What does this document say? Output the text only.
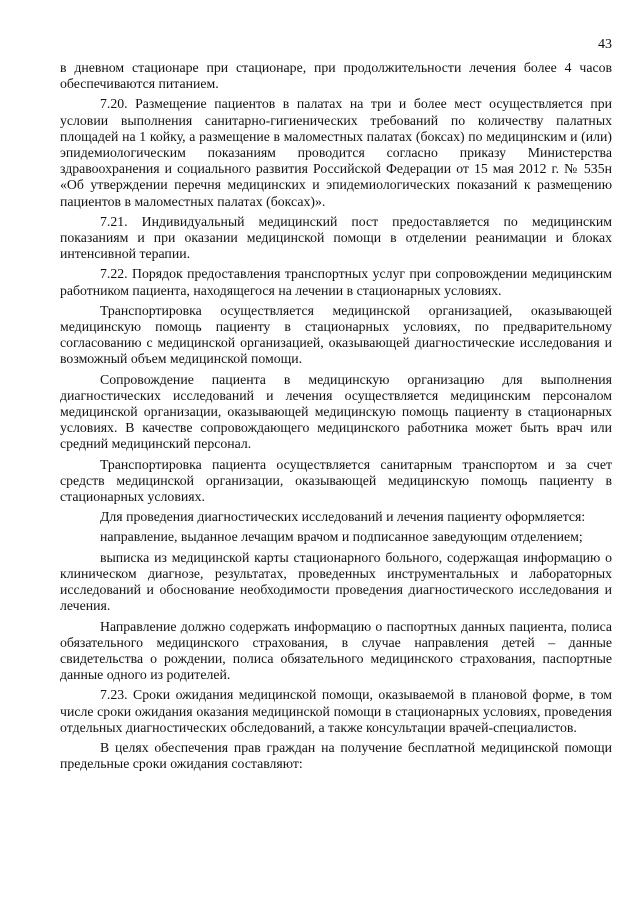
43

в дневном стационаре при стационаре, при продолжительности лечения более 4 часов обеспечиваются питанием.

7.20. Размещение пациентов в палатах на три и более мест осуществляется при условии выполнения санитарно-гигиенических требований по количеству палатных площадей на 1 койку, а размещение в маломестных палатах (боксах) по медицинским и (или) эпидемиологическим показаниям проводится согласно приказу Министерства здравоохранения и социального развития Российской Федерации от 15 мая 2012 г. № 535н «Об утверждении перечня медицинских и эпидемиологических показаний к размещению пациентов в маломестных палатах (боксах)».

7.21. Индивидуальный медицинский пост предоставляется по медицинским показаниям и при оказании медицинской помощи в отделении реанимации и блоках интенсивной терапии.

7.22. Порядок предоставления транспортных услуг при сопровождении медицинским работником пациента, находящегося на лечении в стационарных условиях.

Транспортировка осуществляется медицинской организацией, оказывающей медицинскую помощь пациенту в стационарных условиях, по предварительному согласованию с медицинской организацией, оказывающей диагностические исследования и возможный объем медицинской помощи.

Сопровождение пациента в медицинскую организацию для выполнения диагностических исследований и лечения осуществляется медицинским персоналом медицинской организации, оказывающей медицинскую помощь пациенту в стационарных условиях. В качестве сопровождающего медицинского работника может быть врач или средний медицинский персонал.

Транспортировка пациента осуществляется санитарным транспортом и за счет средств медицинской организации, оказывающей медицинскую помощь пациенту в стационарных условиях.

Для проведения диагностических исследований и лечения пациенту оформляется:

направление, выданное лечащим врачом и подписанное заведующим отделением;

выписка из медицинской карты стационарного больного, содержащая информацию о клиническом диагнозе, результатах, проведенных инструментальных и лабораторных исследований и обоснование необходимости проведения диагностического исследования и лечения.

Направление должно содержать информацию о паспортных данных пациента, полиса обязательного медицинского страхования, в случае направления детей – данные свидетельства о рождении, полиса обязательного медицинского страхования, паспортные данные одного из родителей.

7.23. Сроки ожидания медицинской помощи, оказываемой в плановой форме, в том числе сроки ожидания оказания медицинской помощи в стационарных условиях, проведения отдельных диагностических обследований, а также консультации врачей-специалистов.

В целях обеспечения прав граждан на получение бесплатной медицинской помощи предельные сроки ожидания составляют:
